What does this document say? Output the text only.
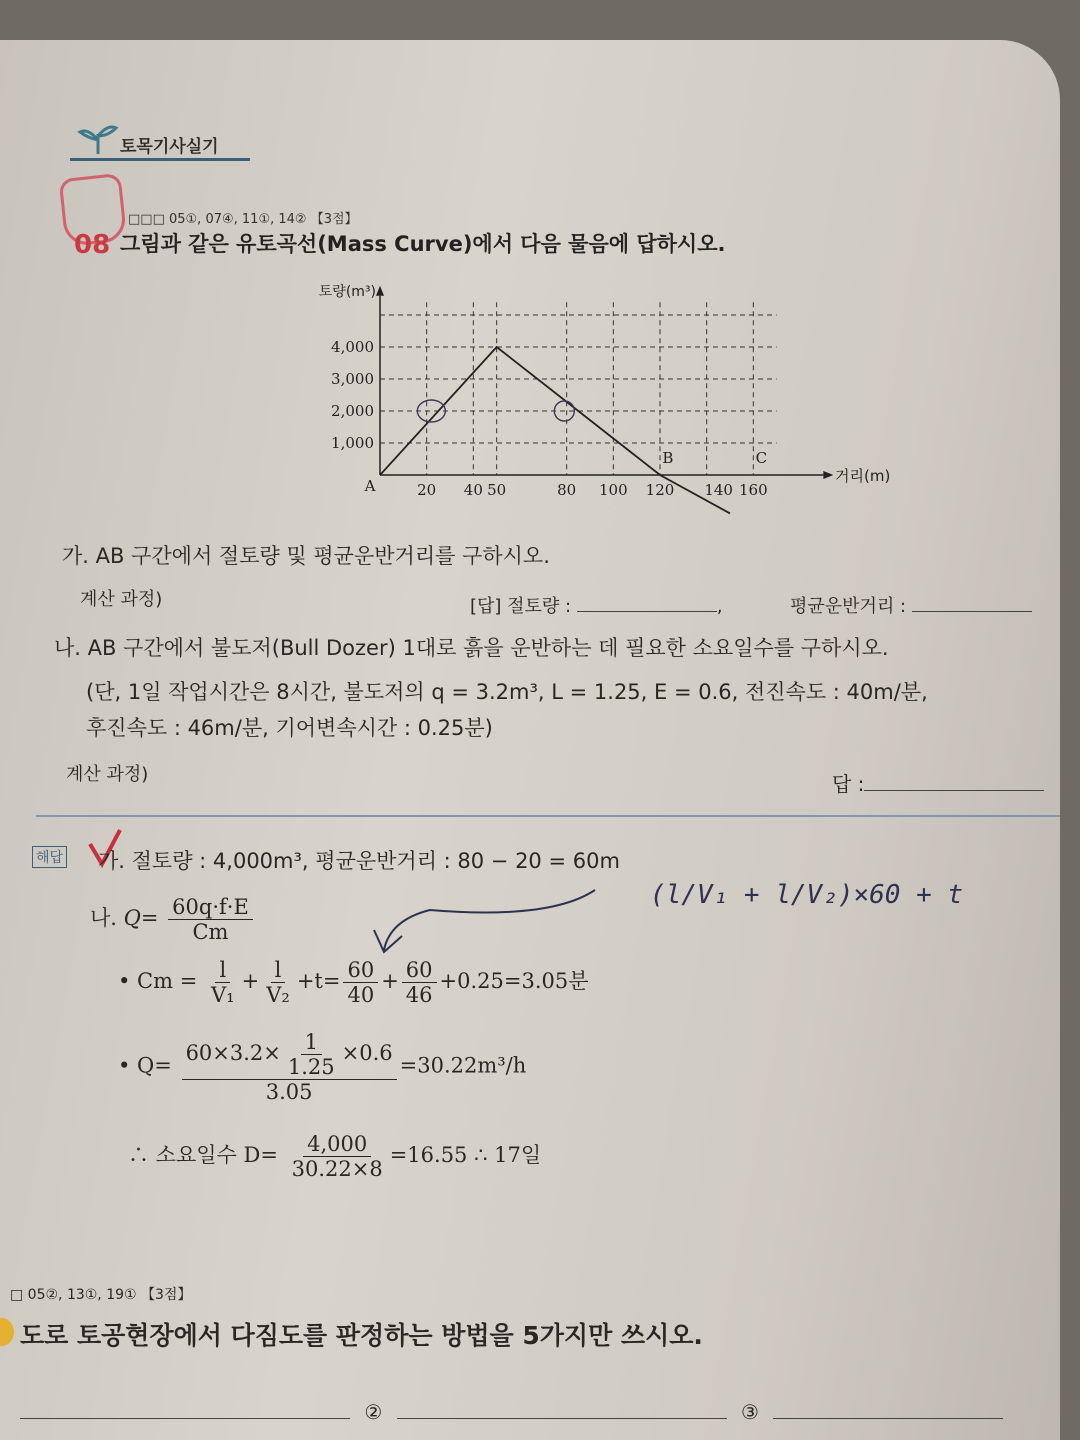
토목기사실기
□□□ 05①, 07④, 11①, 14② 【3점】
08 그림과 같은 유토곡선(Mass Curve)에서 다음 물음에 답하시오.
1,000
2,000
3,000
4,000
20 40 50	80 100 120 140 160
A
B	C
토량(m³)
거리(m)
가. AB 구간에서 절토량 및 평균운반거리를 구하시오.
계산 과정)	[답] 절토량 :	,	평균운반거리 :
나. AB 구간에서 불도저(Bull Dozer) 1대로 흙을 운반하는 데 필요한 소요일수를 구하시오.
(단, 1일 작업시간은 8시간, 불도저의 q = 3.2m³, L = 1.25, E = 0.6, 전진속도 : 40m/분,
후진속도 : 46m/분, 기어변속시간 : 0.25분)
계산 과정)	답 :
해답 가. 절토량 : 4,000m³, 평균운반거리 : 80 − 20 = 60m
나. $Q= \frac{60q\cdot f\cdot E}{Cm}$
• $Cm = \frac{l}{\text{V₁}} + \frac{l}{\text{V₂}} +t= \frac{60}{40} + \frac{60}{46} +0.25=3.05$분
• $Q= \frac{60\times 3.2\times \frac{1}{1.25} \times 0.6}{3.05} =30.22m^3/h$
∴ 소요일수 $D= \frac{4,000}{30.22\times 8} =16.55$ ∴ 17일
(l/V₁ + l/V₂)×60 + t
□ 05②, 13①, 19① 【3점】
도로 토공현장에서 다짐도를 판정하는 방법을 5가지만 쓰시오.
②	③
